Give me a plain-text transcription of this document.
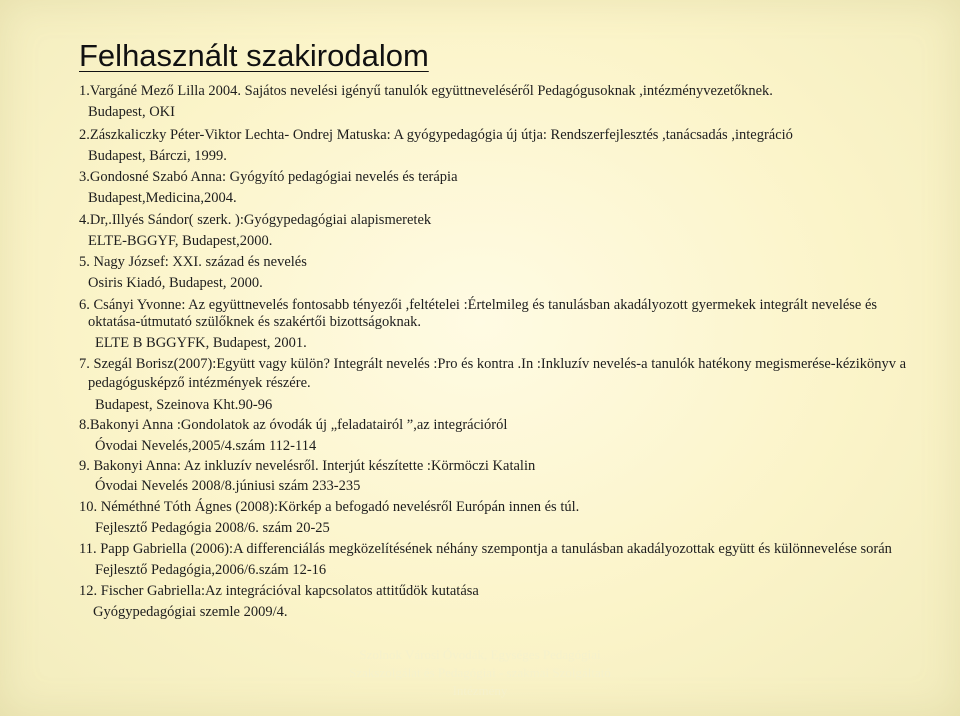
Felhasznált szakirodalom
1.Vargáné Mező Lilla 2004. Sajátos nevelési igényű tanulók együttneveléséről Pedagógusoknak ,intézményvezetőknek.
Budapest, OKI
2.Zászkaliczky Péter-Viktor Lechta- Ondrej Matuska: A gyógypedagógia új útja: Rendszerfejlesztés ,tanácsadás ,integráció
Budapest, Bárczi, 1999.
3.Gondosné Szabó Anna: Gyógyító pedagógiai nevelés és terápia
Budapest,Medicina,2004.
4.Dr,.Illyés Sándor( szerk. ):Gyógypedagógiai alapismeretek
ELTE-BGGYF, Budapest,2000.
5. Nagy József: XXI. század és nevelés
Osiris Kiadó, Budapest, 2000.
6. Csányi Yvonne: Az együttnevelés fontosabb tényezői ,feltételei :Értelmileg és tanulásban akadályozott gyermekek integrált nevelése és
oktatása-útmutató szülőknek és szakértői bizottságoknak.
ELTE B BGGYFK, Budapest, 2001.
7. Szegál Borisz(2007):Együtt vagy külön? Integrált nevelés :Pro és kontra .In :Inkluzív nevelés-a tanulók hatékony megismerése-kézikönyv a
pedagógusképző intézmények részére.
Budapest, Szeinova Kht.90-96
8.Bakonyi Anna :Gondolatok az óvodák új „feladatairól ”,az integrációról
Óvodai Nevelés,2005/4.szám 112-114
9. Bakonyi Anna: Az inkluzív nevelésről. Interjút készítette :Körmöczi Katalin
Óvodai Nevelés 2008/8.júniusi szám 233-235
10. Néméthné Tóth Ágnes (2008):Körkép a befogadó nevelésről Európán innen és túl.
Fejlesztő Pedagógia 2008/6. szám 20-25
11. Papp Gabriella (2006):A differenciálás megközelítésének néhány szempontja a tanulásban akadályozottak együtt és különnevelése során
Fejlesztő Pedagógia,2006/6.szám 12-16
12. Fischer Gabriella:Az integrációval kapcsolatos attitűdök kutatása
Gyógypedagógiai szemle 2009/4.
Szolnok Városi Óvodák, Egységes Pedagógiai
Szakszolgálat és Pedagógiai - szakmai Szolgáltató
Intézmény
